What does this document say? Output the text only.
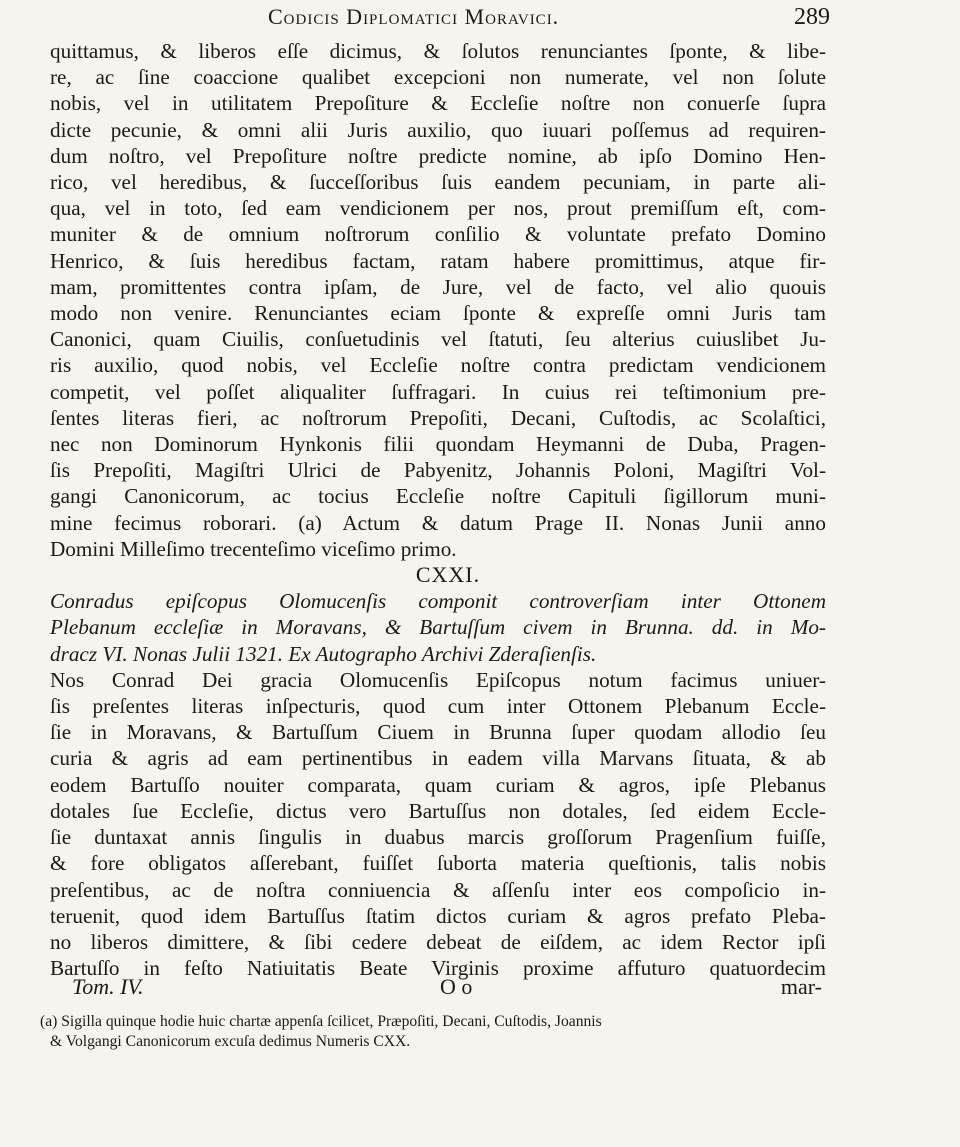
Codicis Diplomatici Moravici.	289
quittamus, & liberos eſſe dicimus, & ſolutos renunciantes ſponte, & libe-
re, ac ſine coaccione qualibet excepcioni non numerate, vel non ſolute
nobis, vel in utilitatem Prepoſiture & Eccleſie noſtre non conuerſe ſupra
dicte pecunie, & omni alii Juris auxilio, quo iuuari poſſemus ad requiren-
dum noſtro, vel Prepoſiture noſtre predicte nomine, ab ipſo Domino Hen-
rico, vel heredibus, & ſucceſſoribus ſuis eandem pecuniam, in parte ali-
qua, vel in toto, ſed eam vendicionem per nos, prout premiſſum eſt, com-
muniter & de omnium noſtrorum conſilio & voluntate prefato Domino
Henrico, & ſuis heredibus factam, ratam habere promittimus, atque fir-
mam, promittentes contra ipſam, de Jure, vel de facto, vel alio quouis
modo non venire. Renunciantes eciam ſponte & expreſſe omni Juris tam
Canonici, quam Ciuilis, conſuetudinis vel ſtatuti, ſeu alterius cuiuslibet Ju-
ris auxilio, quod nobis, vel Eccleſie noſtre contra predictam vendicionem
competit, vel poſſet aliqualiter ſuffragari. In cuius rei teſtimonium pre-
ſentes literas fieri, ac noſtrorum Prepoſiti, Decani, Cuſtodis, ac Scolaſtici,
nec non Dominorum Hynkonis filii quondam Heymanni de Duba, Pragen-
ſis Prepoſiti, Magiſtri Ulrici de Pabyenitz, Johannis Poloni, Magiſtri Vol-
gangi Canonicorum, ac tocius Eccleſie noſtre Capituli ſigillorum muni-
mine fecimus roborari. (a) Actum & datum Prage II. Nonas Junii anno
Domini Milleſimo trecenteſimo viceſimo primo.
CXXI.
Conradus epiſcopus Olomucenſis componit controverſiam inter Ottonem
Plebanum eccleſiæ in Moravans, & Bartuſſum civem in Brunna. dd. in Mo-
dracz VI. Nonas Julii 1321. Ex Autographo Archivi Zderaſienſis.
Nos Conrad Dei gracia Olomucenſis Epiſcopus notum facimus uniuer-
ſis preſentes literas inſpecturis, quod cum inter Ottonem Plebanum Eccle-
ſie in Moravans, & Bartuſſum Ciuem in Brunna ſuper quodam allodio ſeu
curia & agris ad eam pertinentibus in eadem villa Marvans ſituata, & ab
eodem Bartuſſo nouiter comparata, quam curiam & agros, ipſe Plebanus
dotales ſue Eccleſie, dictus vero Bartuſſus non dotales, ſed eidem Eccle-
ſie duntaxat annis ſingulis in duabus marcis groſſorum Pragenſium fuiſſe,
& fore obligatos aſſerebant, fuiſſet ſuborta materia queſtionis, talis nobis
preſentibus, ac de noſtra conniuencia & aſſenſu inter eos compoſicio in-
teruenit, quod idem Bartuſſus ſtatim dictos curiam & agros prefato Pleba-
no liberos dimittere, & ſibi cedere debeat de eiſdem, ac idem Rector ipſi
Bartuſſo in feſto Natiuitatis Beate Virginis proxime affuturo quatuordecim
Tom. IV.	O o	mar-
(a) Sigilla quinque hodie huic chartæ appenſa ſcilicet, Præpoſiti, Decani, Cuſtodis, Joannis
& Volgangi Canonicorum excuſa dedimus Numeris CXX.
